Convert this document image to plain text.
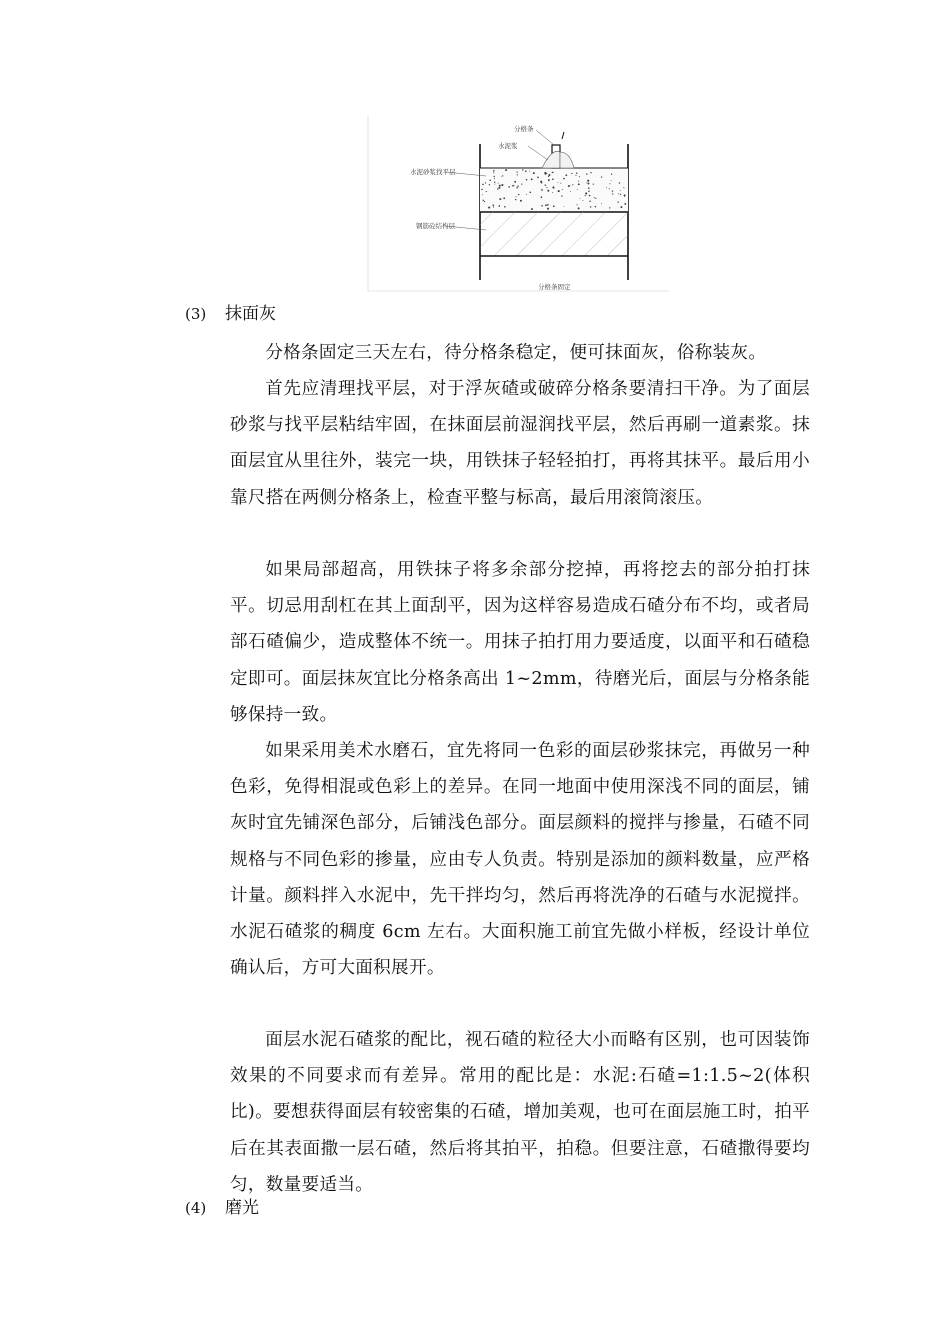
分格条
水泥浆
水泥砂浆找平层
钢筋砼结构层
分格条固定
(3) 抹面灰

分格条固定三天左右，待分格条稳定，便可抹面灰，俗称装灰。

首先应清理找平层，对于浮灰碴或破碎分格条要清扫干净。为了面层砂浆与找平层粘结牢固，在抹面层前湿润找平层，然后再刷一道素浆。抹面层宜从里往外，装完一块，用铁抹子轻轻拍打，再将其抹平。最后用小靠尺搭在两侧分格条上，检查平整与标高，最后用滚筒滚压。

如果局部超高，用铁抹子将多余部分挖掉，再将挖去的部分拍打抹平。切忌用刮杠在其上面刮平，因为这样容易造成石碴分布不均，或者局部石碴偏少，造成整体不统一。用抹子拍打用力要适度，以面平和石碴稳定即可。面层抹灰宜比分格条高出 1~2mm，待磨光后，面层与分格条能够保持一致。

如果采用美术水磨石，宜先将同一色彩的面层砂浆抹完，再做另一种色彩，免得相混或色彩上的差异。在同一地面中使用深浅不同的面层，铺灰时宜先铺深色部分，后铺浅色部分。面层颜料的搅拌与掺量，石碴不同规格与不同色彩的掺量，应由专人负责。特别是添加的颜料数量，应严格计量。颜料拌入水泥中，先干拌均匀，然后再将洗净的石碴与水泥搅拌。水泥石碴浆的稠度 6cm 左右。大面积施工前宜先做小样板，经设计单位确认后，方可大面积展开。

面层水泥石碴浆的配比，视石碴的粒径大小而略有区别，也可因装饰效果的不同要求而有差异。常用的配比是：水泥:石碴=1:1.5~2(体积比)。要想获得面层有较密集的石碴，增加美观，也可在面层施工时，拍平后在其表面撒一层石碴，然后将其拍平，拍稳。但要注意，石碴撒得要均匀，数量要适当。

(4) 磨光
